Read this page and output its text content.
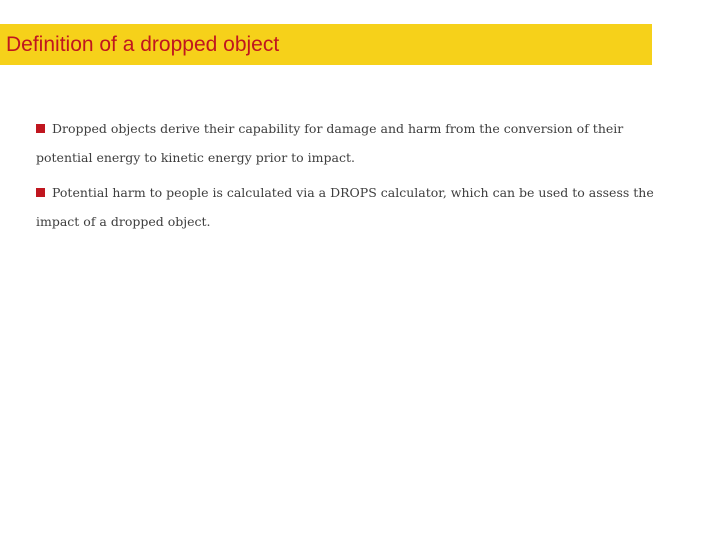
Definition of a dropped object
Dropped objects derive their capability for damage and harm from the conversion of their potential energy to kinetic energy prior to impact.
Potential harm to people is calculated via a DROPS calculator, which can be used to assess the impact of a dropped object.
